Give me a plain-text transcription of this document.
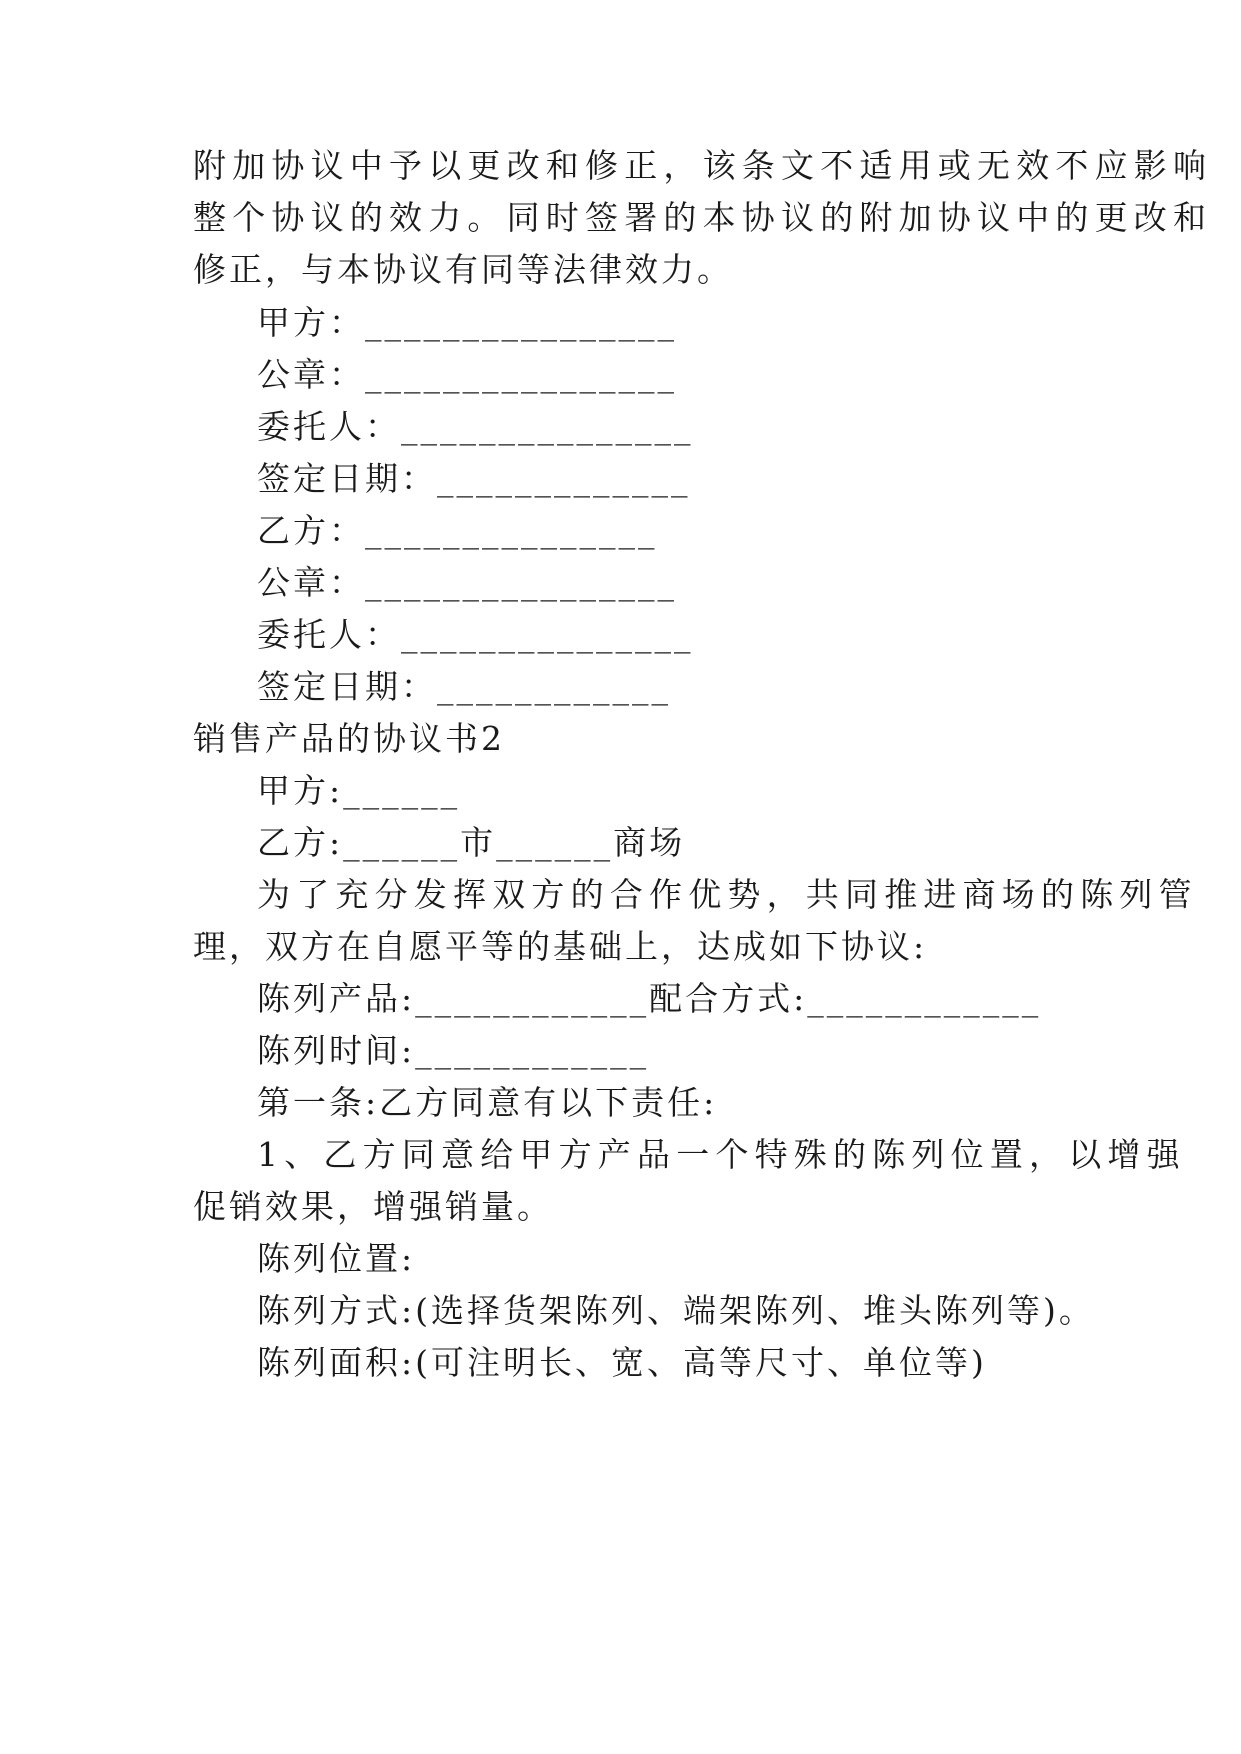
附加协议中予以更改和修正，该条文不适用或无效不应影响

整个协议的效力。同时签署的本协议的附加协议中的更改和

修正，与本协议有同等法律效力。

甲方：________________

公章：________________

委托人：_______________

签定日期：_____________

乙方：_______________

公章：________________

委托人：_______________

签定日期：____________

销售产品的协议书2

甲方:______

乙方:______市______商场

为了充分发挥双方的合作优势，共同推进商场的陈列管

理，双方在自愿平等的基础上，达成如下协议:

陈列产品:____________配合方式:____________

陈列时间:____________

第一条:乙方同意有以下责任:

1、乙方同意给甲方产品一个特殊的陈列位置，以增强

促销效果，增强销量。

陈列位置:

陈列方式:(选择货架陈列、端架陈列、堆头陈列等)。

陈列面积:(可注明长、宽、高等尺寸、单位等)
